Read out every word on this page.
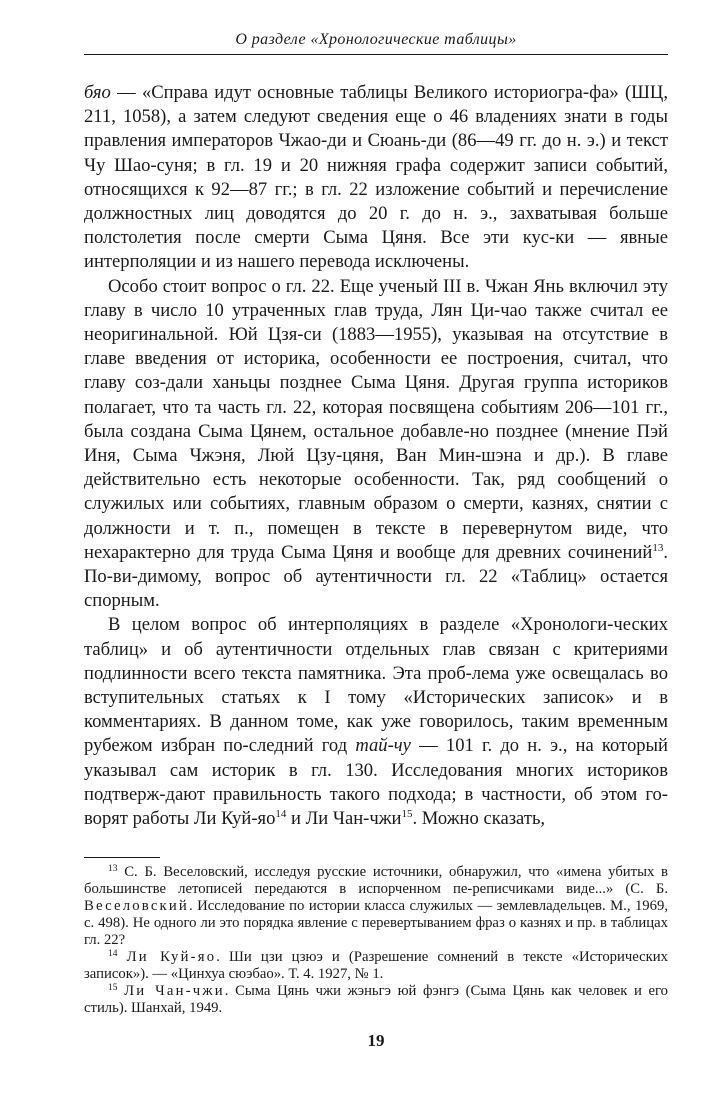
О разделе «Хронологические таблицы»

бяо — «Справа идут основные таблицы Великого историогра-фа» (ШЦ, 211, 1058), а затем следуют сведения еще о 46 владениях знати в годы правления императоров Чжао-ди и Сюань-ди (86—49 гг. до н. э.) и текст Чу Шао-суня; в гл. 19 и 20 нижняя графа содержит записи событий, относящихся к 92—87 гг.; в гл. 22 изложение событий и перечисление должностных лиц доводятся до 20 г. до н. э., захватывая больше полстолетия после смерти Сыма Цяня. Все эти кус-ки — явные интерполяции и из нашего перевода исключены.

Особо стоит вопрос о гл. 22. Еще ученый III в. Чжан Янь включил эту главу в число 10 утраченных глав труда, Лян Ци-чао также считал ее неоригинальной. Юй Цзя-си (1883—1955), указывая на отсутствие в главе введения от историка, особенности ее построения, считал, что главу соз-дали ханьцы позднее Сыма Цяня. Другая группа историков полагает, что та часть гл. 22, которая посвящена событиям 206—101 гг., была создана Сыма Цянем, остальное добавле-но позднее (мнение Пэй Иня, Сыма Чжэня, Люй Цзу-цяня, Ван Мин-шэна и др.). В главе действительно есть некоторые особенности. Так, ряд сообщений о служилых или событиях, главным образом о смерти, казнях, снятии с должности и т. п., помещен в тексте в перевернутом виде, что нехарактерно для труда Сыма Цяня и вообще для древних сочинений$^{13}$. По-ви-димому, вопрос об аутентичности гл. 22 «Таблиц» остается спорным.

В целом вопрос об интерполяциях в разделе «Хронологи-ческих таблиц» и об аутентичности отдельных глав связан с критериями подлинности всего текста памятника. Эта проб-лема уже освещалась во вступительных статьях к I тому «Исторических записок» и в комментариях. В данном томе, как уже говорилось, таким временным рубежом избран по-следний год тай-чу — 101 г. до н. э., на который указывал сам историк в гл. 130. Исследования многих историков подтверж-дают правильность такого подхода; в частности, об этом го-ворят работы Ли Куй-$яо^{14}$ и Ли Чан-чжи$^{15}$. Можно сказать,

$^{13}$ С. Б. Веселовский, исследуя русские источники, обнаружил, что «имена убитых в большинстве летописей передаются в испорченном пе-реписчиками виде...» (С. Б. Веселовский. Исследование по истории класса служилых — землевладельцев. М., 1969, с. 498). Не одного ли это порядка явление с перевертыванием фраз о казнях и пр. в таблицах гл. 22?

$^{14}$ Ли Куй-яо. Ши цзи цзюэ и (Разрешение сомнений в тексте «Исторических записок»). — «Цинхуа сюэбао». Т. 4. 1927, № 1.

$^{15}$ Ли Чан-чжи. Сыма Цянь чжи жэньгэ юй фэнгэ (Сыма Цянь как человек и его стиль). Шанхай, 1949.

19
